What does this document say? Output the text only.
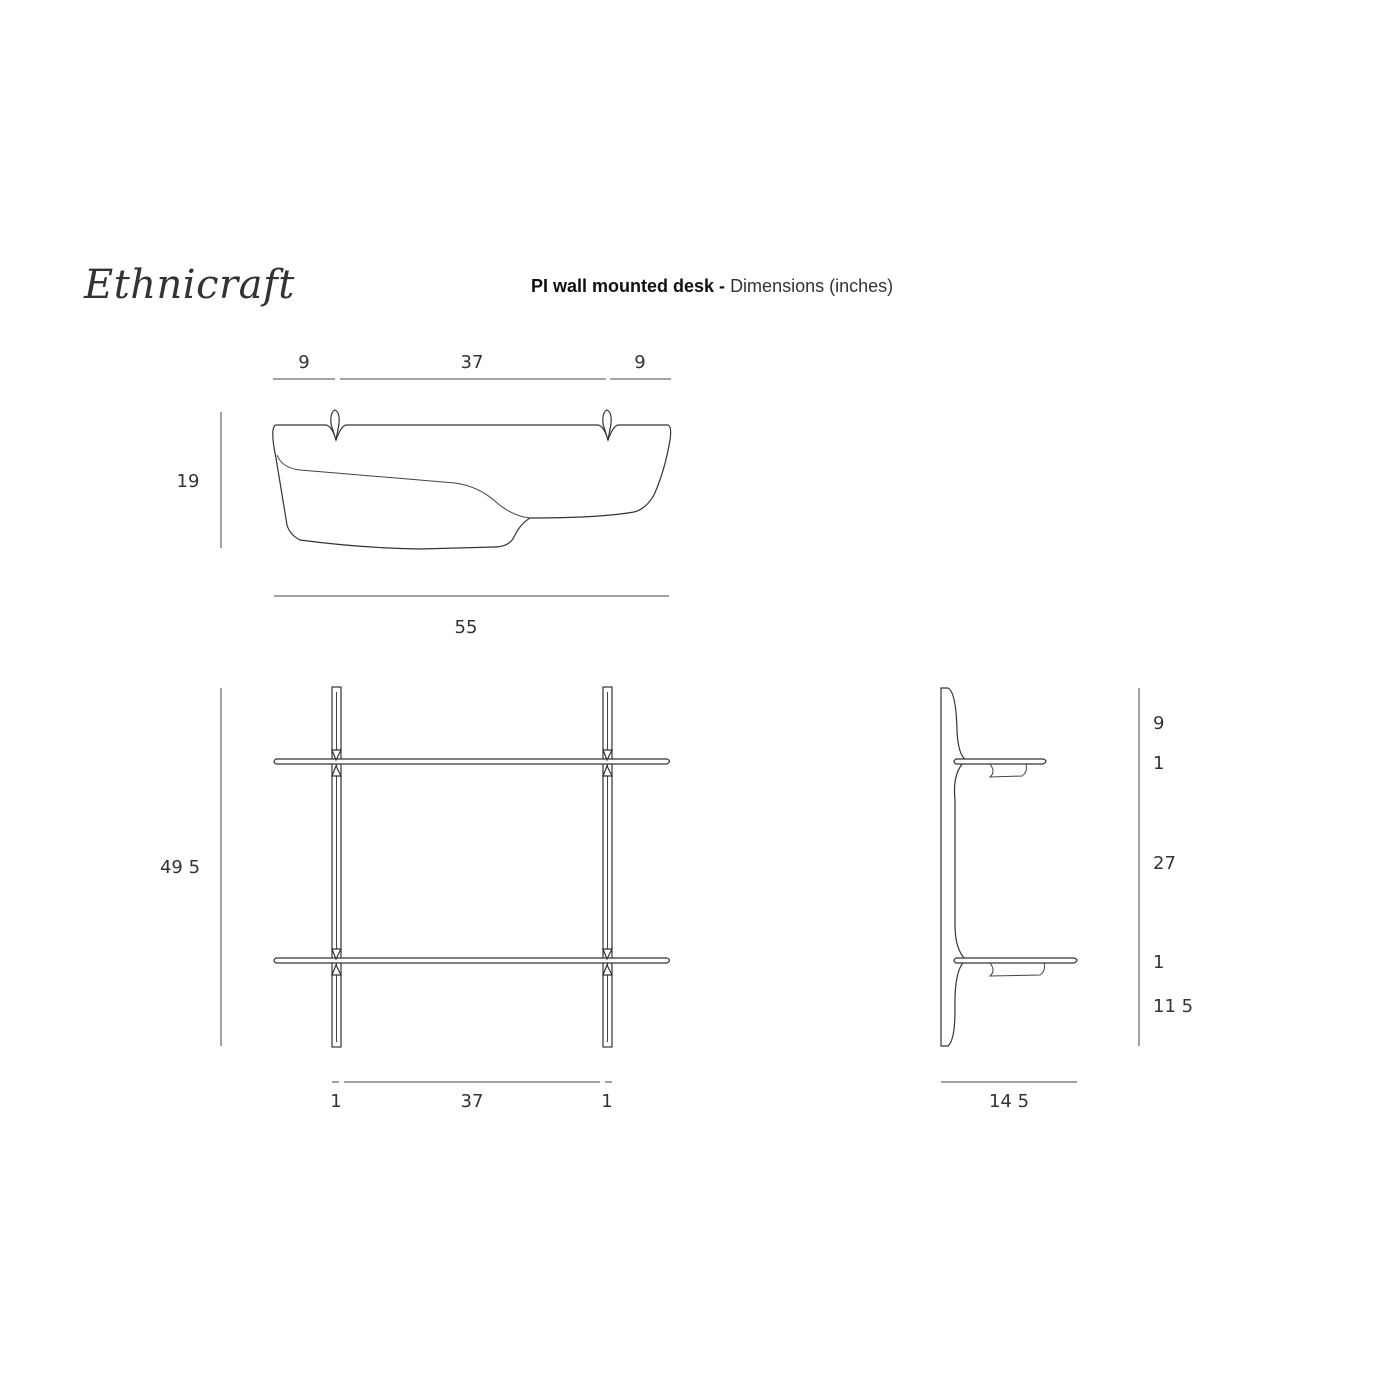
Ethnicraft	PI wall mounted desk - Dimensions (inches)
9	37	9
19
55
49 5
1	37	1
9
1
27
1
11 5
14 5
